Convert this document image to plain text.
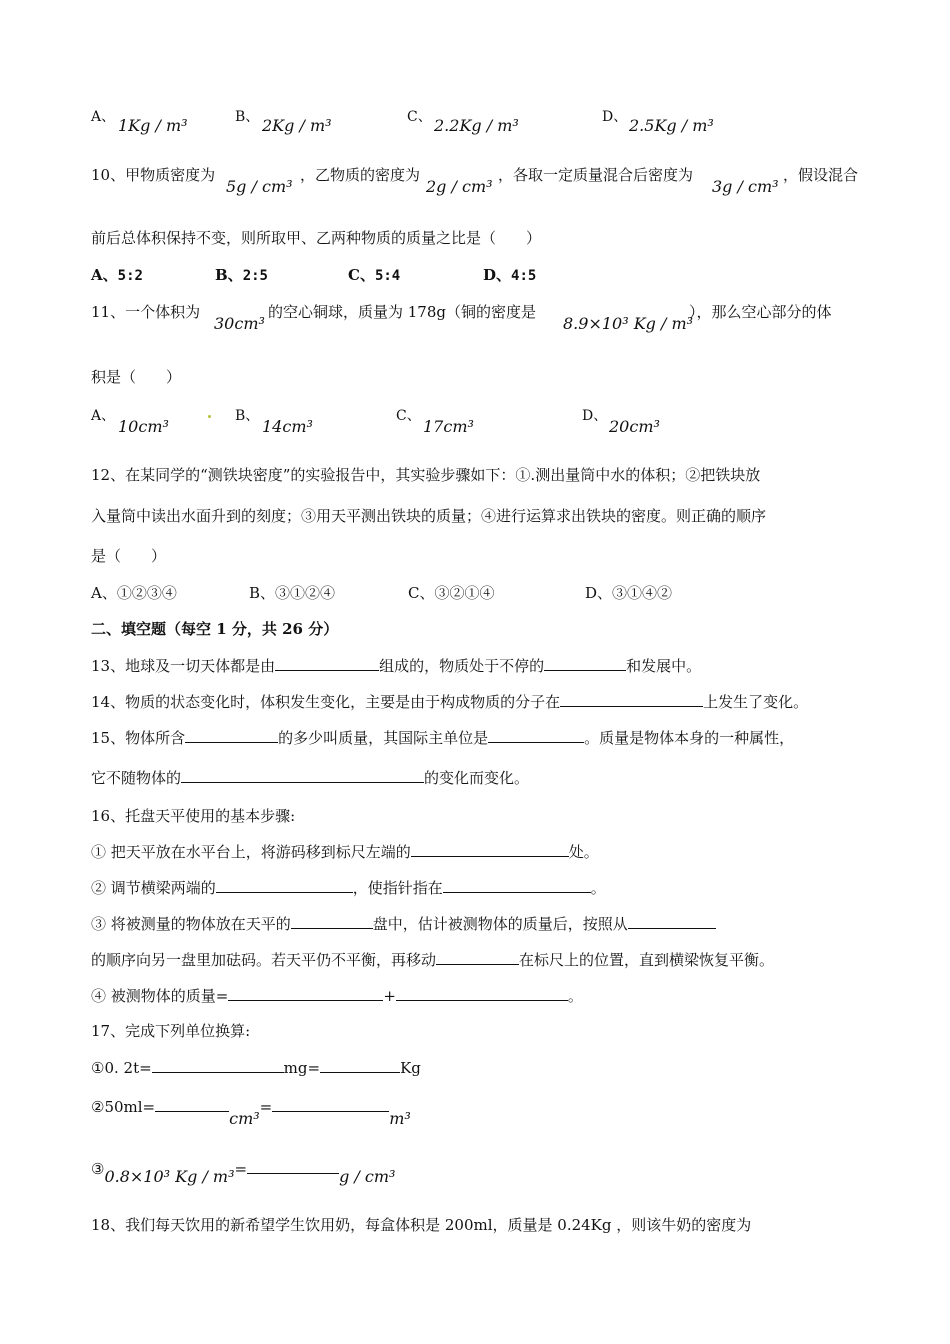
A、 1Kg / m³	B、 2Kg / m³	C、 2.2Kg / m³	D、 2.5Kg / m³
10、甲物质密度为
5g / cm³
，乙物质的密度为
2g / cm³
，各取一定质量混合后密度为
3g / cm³
，假设混合
前后总体积保持不变，则所取甲、乙两种物质的质量之比是（　　）
A、5:2	B、2:5	C、5:4	D、4:5
11、一个体积为
30cm³
的空心铜球，质量为 178g（铜的密度是
8.9×10³ Kg / m³
），那么空心部分的体
积是（　　）
A、
10cm³
B、
14cm³
C、
17cm³
D、
20cm³
12、在某同学的“测铁块密度”的实验报告中，其实验步骤如下：①.测出量筒中水的体积；②把铁块放
入量筒中读出水面升到的刻度；③用天平测出铁块的质量；④进行运算求出铁块的密度。则正确的顺序
是（　　）
A、①②③④	B、③①②④	C、③②①④	D、③①④②
二、填空题（每空 1 分，共 26 分）
13、地球及一切天体都是由	组成的，物质处于不停的	和发展中。
14、物质的状态变化时，体积发生变化，主要是由于构成物质的分子在	上发生了变化。
15、物体所含	的多少叫质量，其国际主单位是	。质量是物体本身的一种属性，
它不随物体的	的变化而变化。
16、托盘天平使用的基本步骤:
① 把天平放在水平台上，将游码移到标尺左端的	处。
② 调节横梁两端的	，使指针指在	。
③ 将被测量的物体放在天平的	盘中，估计被测物体的质量后，按照从
的顺序向另一盘里加砝码。若天平仍不平衡，再移动	在标尺上的位置，直到横梁恢复平衡。
④ 被测物体的质量=	+	。
17、完成下列单位换算:
①0. 2t=	mg=	Kg
②50ml=cm³=m³
③0.8×10³ Kg / m³=	g / cm³
18、我们每天饮用的新希望学生饮用奶，每盒体积是 200ml，质量是 0.24Kg ，则该牛奶的密度为
